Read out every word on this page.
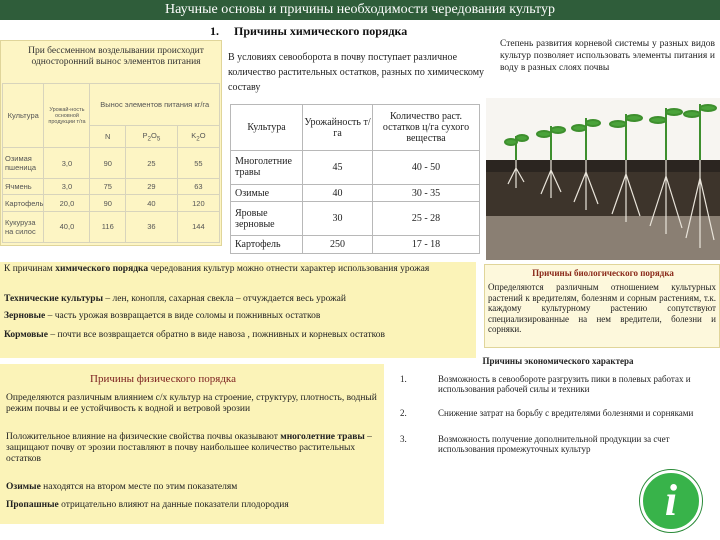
Научные основы и причины необходимости чередования культур
1. Причины химического порядка
При бессменном возделывании происходит односторонний вынос элементов питания
Культура	Урожай-ность основной продукции т/га	Вынос элементов питания кг/га		
		N	$P_2O_5$	$K_2O$
Озимая пшеница	3,0	90	25	55
Ячмень	3,0	75	29	63
Картофель	20,0	90	40	120
Кукуруза на силос	40,0	116	36	144
В условиях севооборота в почву поступает различное количество растительных остатков, разных по химическому составу
Культура	Урожайность т/га	Количество раст. остатков ц/га сухого вещества
Многолетние травы	45	40 - 50
Озимые	40	30 - 35
Яровые зерновые	30	25 - 28
Картофель	250	17 - 18
Степень развития корневой системы у разных видов культур позволяет использовать элементы питания и воду в разных слоях почвы
К причинам химического порядка чередования культур можно отнести характер использования урожая
Технические культуры – лен, конопля, сахарная свекла – отчуждается весь урожай
Зерновые – часть урожая возвращается в виде соломы и пожнивных остатков
Кормовые – почти все возвращается обратно в виде навоза , пожнивных и корневых остатков
Причины биологического порядка
Определяются различным отношением культурных растений к вредителям, болезням и сорным растениям, т.к. каждому культурному растению сопутствуют специализированные на нем вредители, болезни и сорняки.
Причины экономического характера
1.	Возможность в севообороте разгрузить пики в полевых работах и использования рабочей силы и техники
2.	Снижение затрат на борьбу с вредителями болезнями и сорняками
3.	Возможность получение дополнительной продукции за счет использования промежуточных культур
Причины физического порядка
Определяются различным влиянием с/х культур на строение, структуру, плотность, водный режим почвы и ее устойчивость к водной и ветровой эрозии
Положительное влияние на физические свойства почвы оказывают многолетние травы – защищают почву от эрозии поставляют в почву наибольшее количество растительных остатков
Озимые находятся на втором месте по этим показателям
Пропашные отрицательно влияют на данные показатели плодородия	i
